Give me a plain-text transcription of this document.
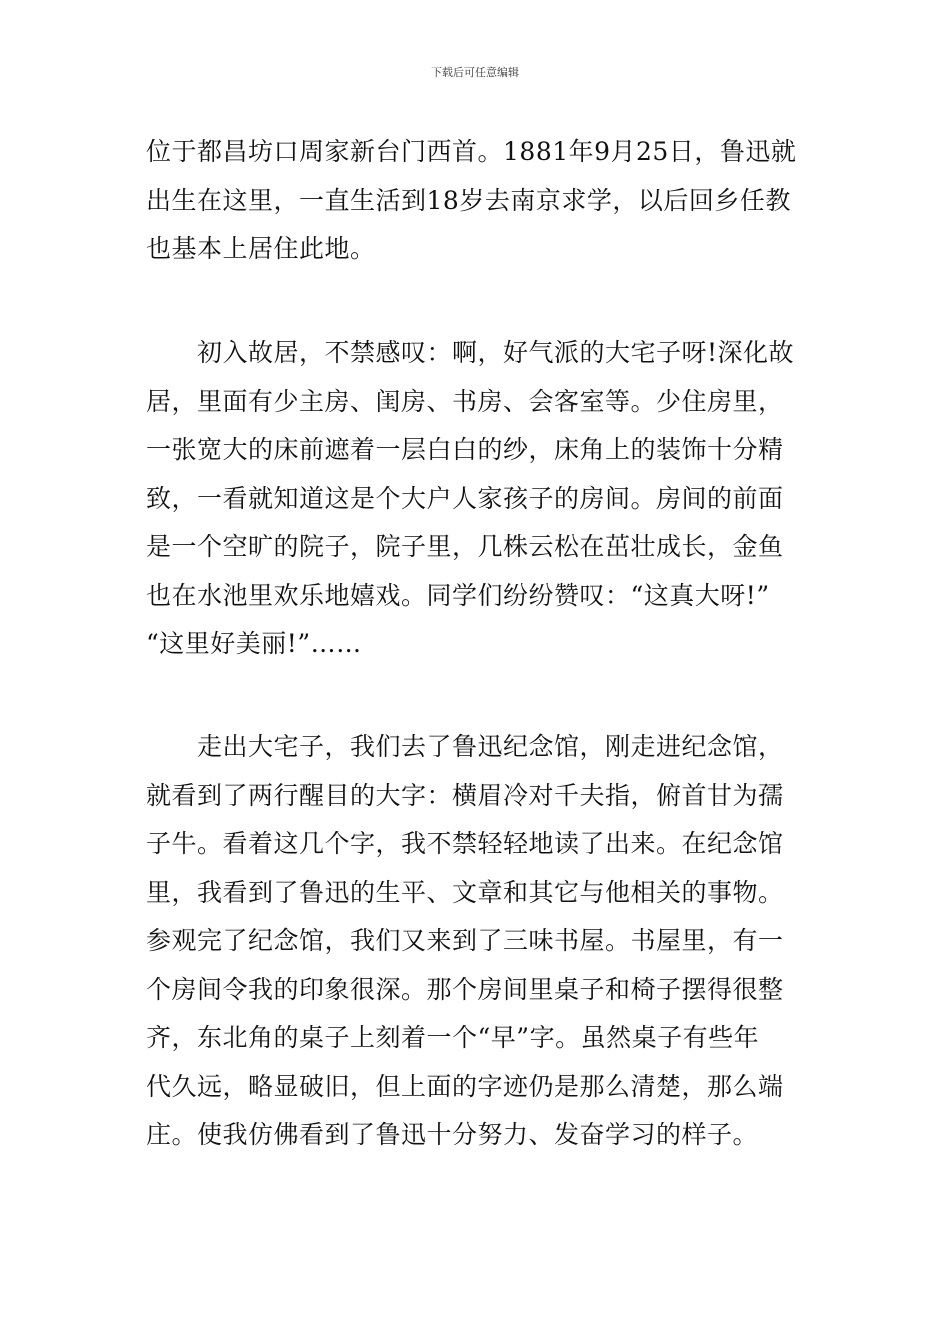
下载后可任意编辑
位于都昌坊口周家新台门西首。1881年9月25日，鲁迅就
出生在这里，一直生活到18岁去南京求学，以后回乡任教
也基本上居住此地。
　　初入故居，不禁感叹：啊，好气派的大宅子呀!深化故
居，里面有少主房、闺房、书房、会客室等。少住房里，
一张宽大的床前遮着一层白白的纱，床角上的装饰十分精
致，一看就知道这是个大户人家孩子的房间。房间的前面
是一个空旷的院子，院子里，几株云松在茁壮成长，金鱼
也在水池里欢乐地嬉戏。同学们纷纷赞叹：“这真大呀!”
“这里好美丽!”……
　　走出大宅子，我们去了鲁迅纪念馆，刚走进纪念馆，
就看到了两行醒目的大字：横眉冷对千夫指，俯首甘为孺
子牛。看着这几个字，我不禁轻轻地读了出来。在纪念馆
里，我看到了鲁迅的生平、文章和其它与他相关的事物。
参观完了纪念馆，我们又来到了三味书屋。书屋里，有一
个房间令我的印象很深。那个房间里桌子和椅子摆得很整
齐，东北角的桌子上刻着一个“早”字。虽然桌子有些年
代久远，略显破旧，但上面的字迹仍是那么清楚，那么端
庄。使我仿佛看到了鲁迅十分努力、发奋学习的样子。
